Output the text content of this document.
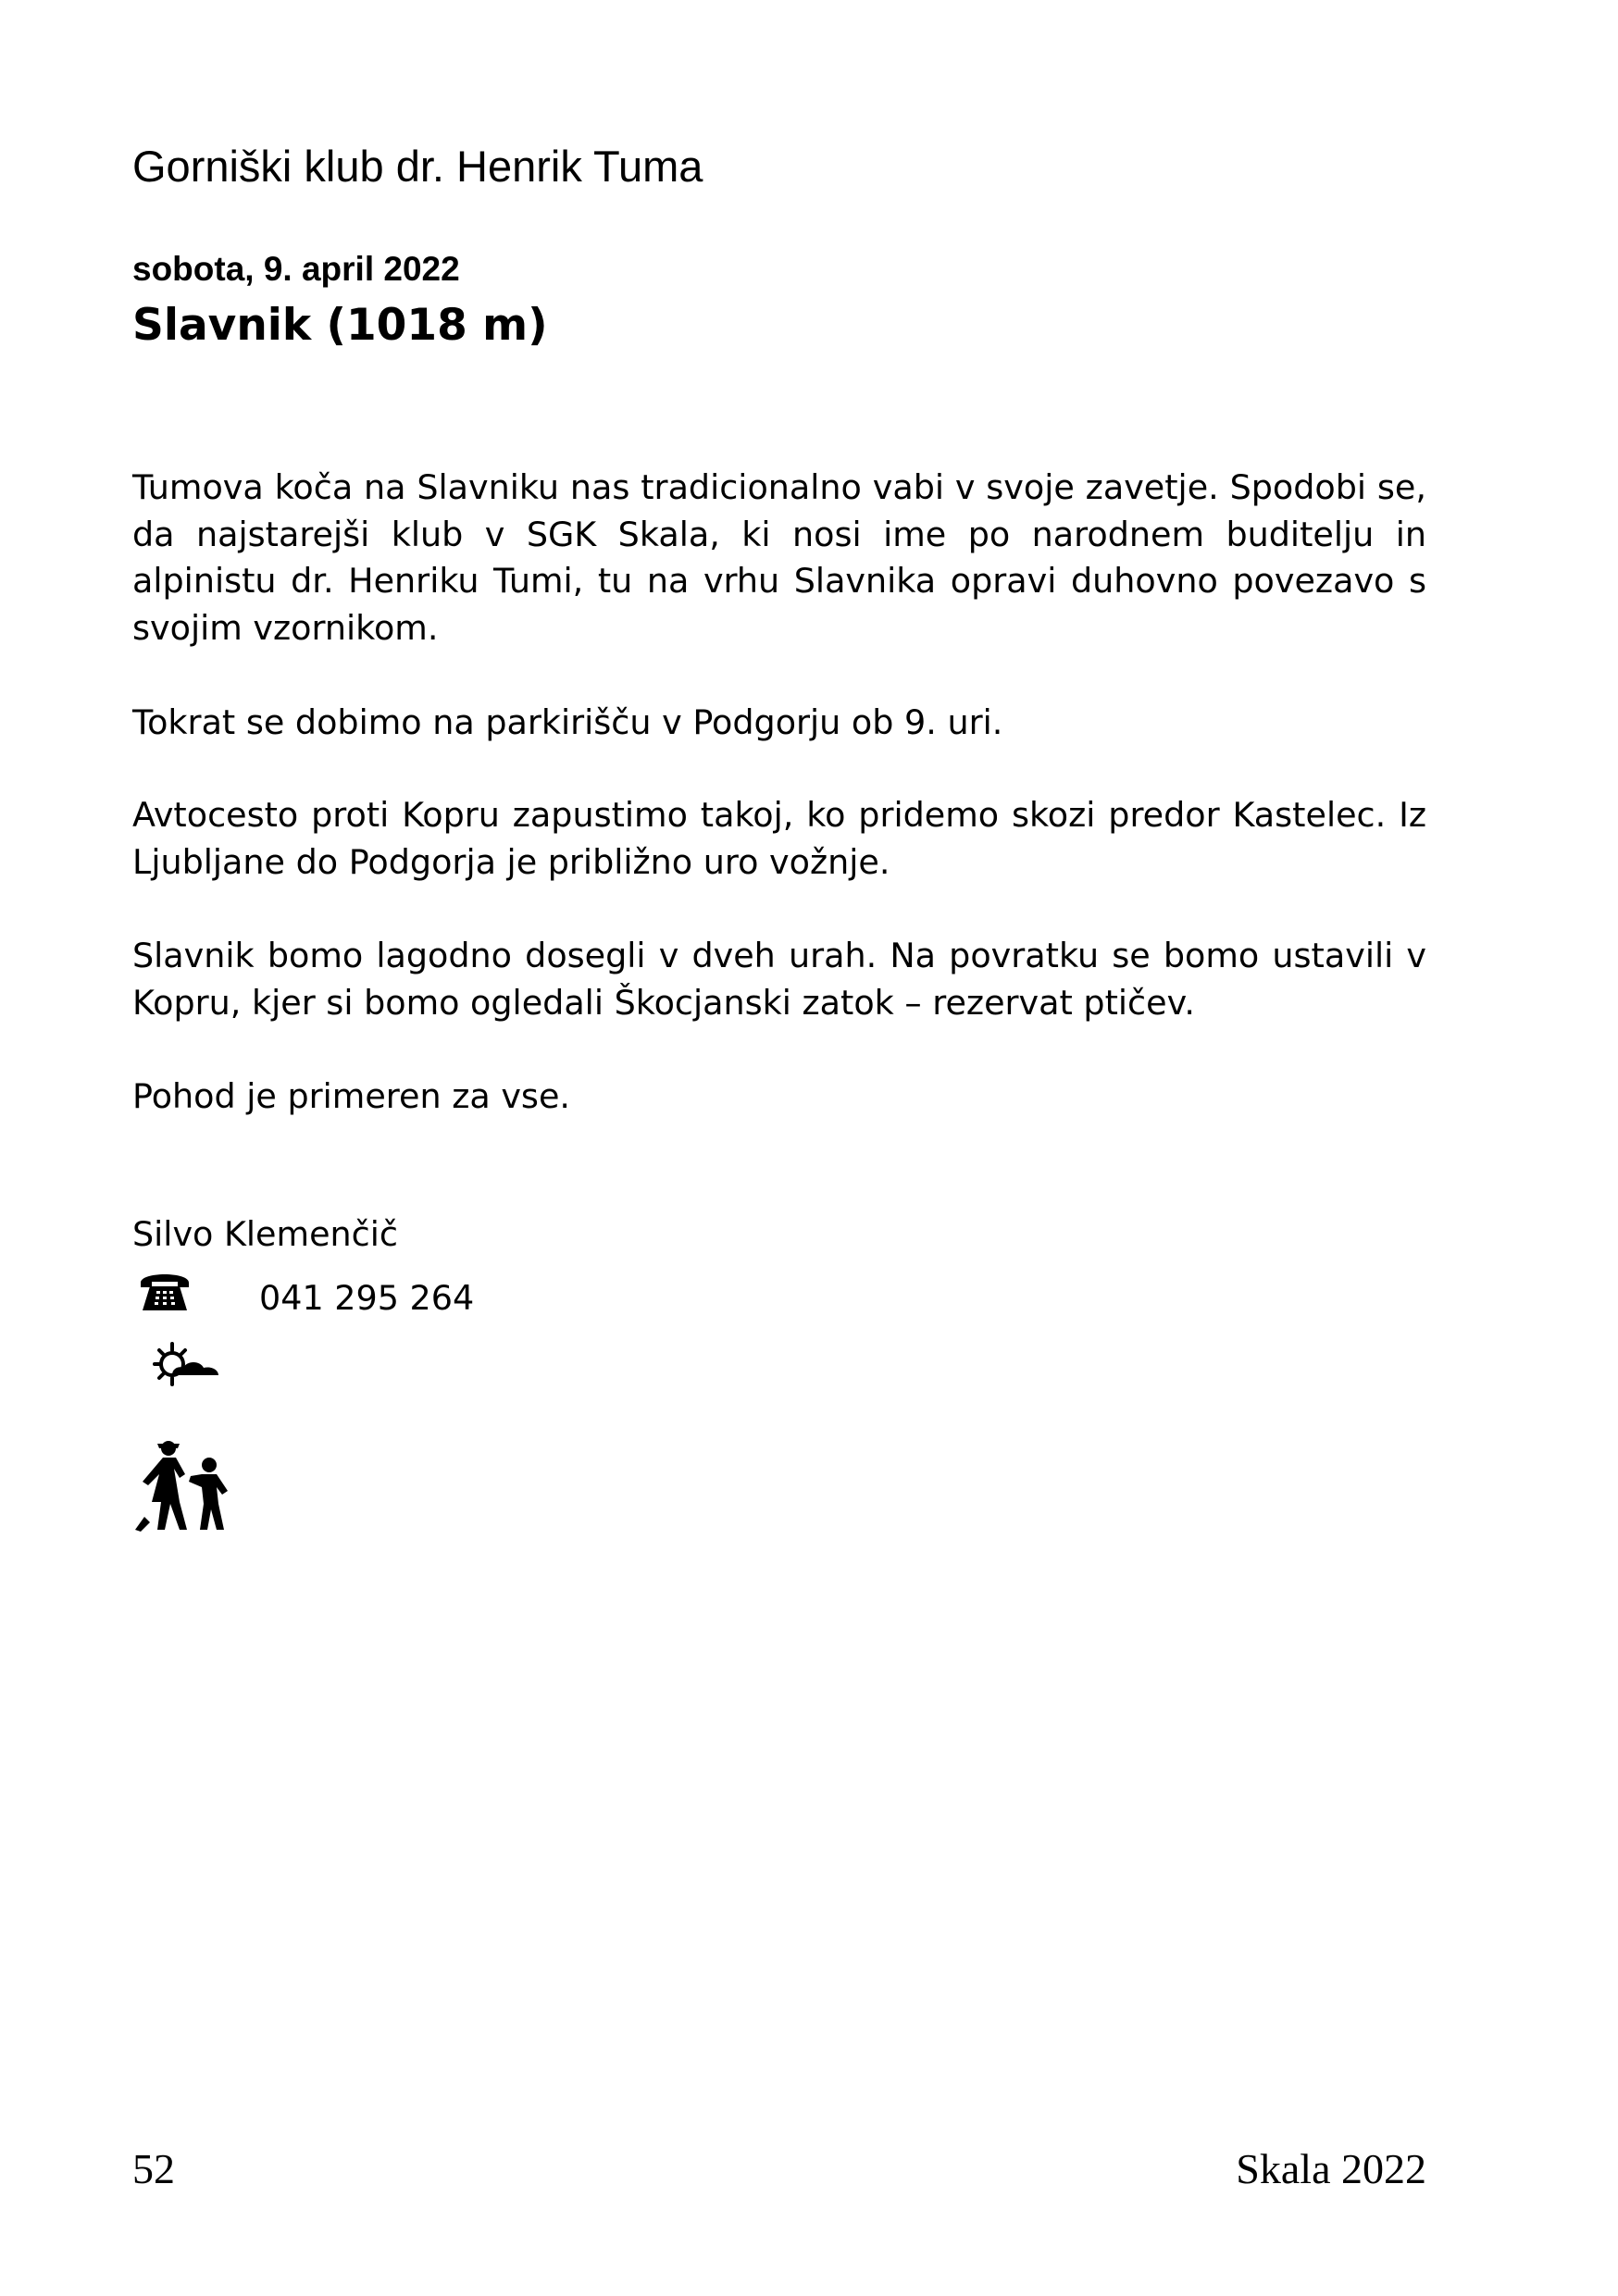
Gorniški klub dr. Henrik Tuma
sobota, 9. april 2022
Slavnik (1018 m)

Tumova koča na Slavniku nas tradicionalno vabi v svoje zavetje. Spodobi se, da najstarejši klub v SGK Skala, ki nosi ime po narodnem buditelju in alpinistu dr. Henriku Tumi, tu na vrhu Slavnika opravi duhovno povezavo s svojim vzornikom.

Tokrat se dobimo na parkirišču v Podgorju ob 9. uri.

Avtocesto proti Kopru zapustimo takoj, ko pridemo skozi predor Kastelec. Iz Ljubljane do Podgorja je približno uro vožnje.

Slavnik bomo lagodno dosegli v dveh urah. Na povratku se bomo ustavili v Kopru, kjer si bomo ogledali Škocjanski zatok – rezervat ptičev.

Pohod je primeren za vse.

Silvo Klemenčič
041 295 264
52	Skala 2022
